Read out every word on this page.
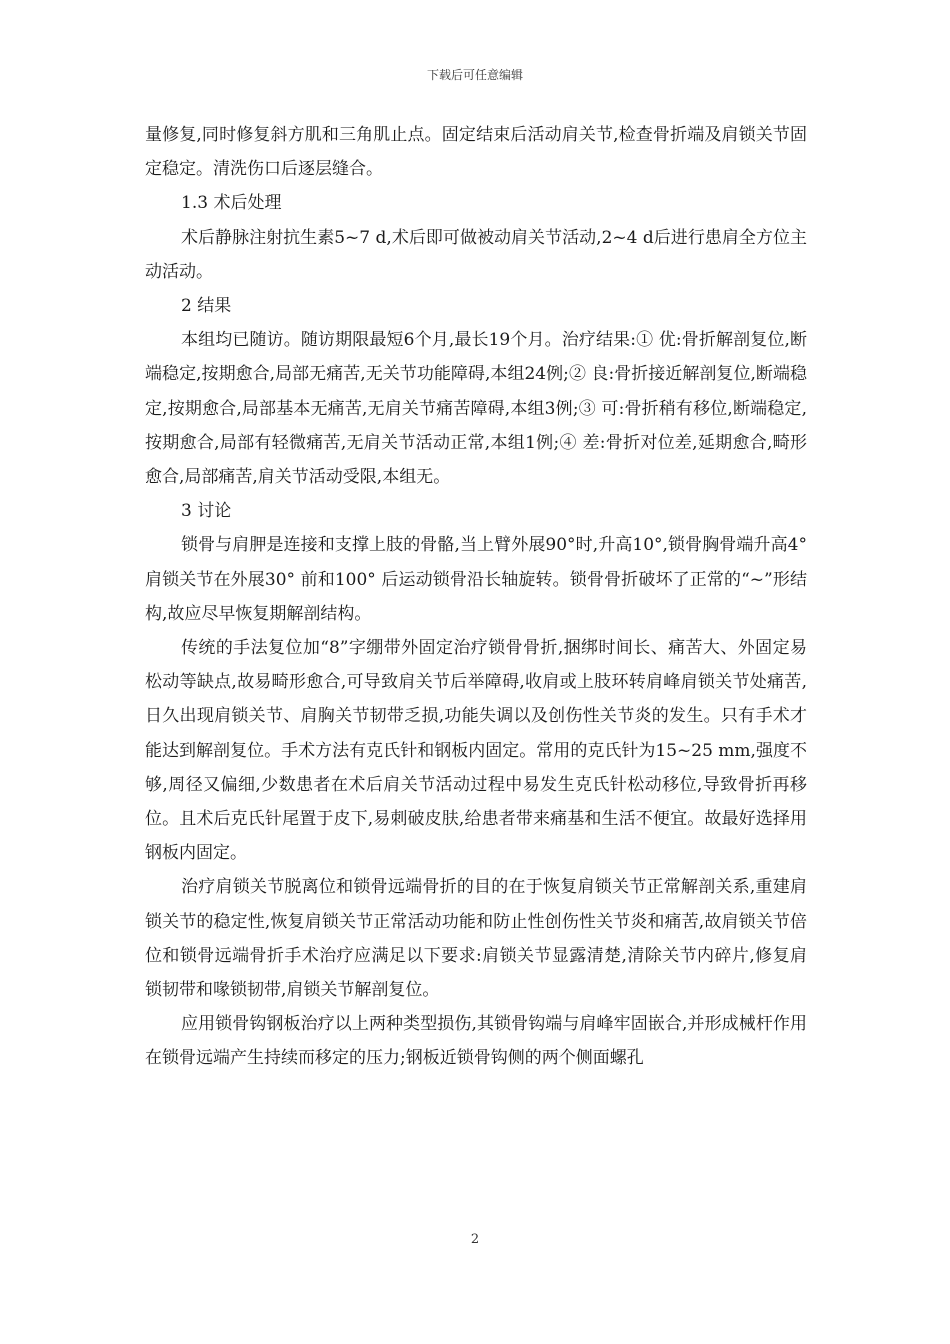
下载后可任意编辑

量修复,同时修复斜方肌和三角肌止点。固定结束后活动肩关节,检查骨折端及肩锁关节固定稳定。清洗伤口后逐层缝合。

1.3 术后处理

术后静脉注射抗生素5~7 d,术后即可做被动肩关节活动,2~4 d后进行患肩全方位主动活动。

2 结果

本组均已随访。随访期限最短6个月,最长19个月。治疗结果:① 优:骨折解剖复位,断端稳定,按期愈合,局部无痛苦,无关节功能障碍,本组24例;② 良:骨折接近解剖复位,断端稳定,按期愈合,局部基本无痛苦,无肩关节痛苦障碍,本组3例;③ 可:骨折稍有移位,断端稳定,按期愈合,局部有轻微痛苦,无肩关节活动正常,本组1例;④ 差:骨折对位差,延期愈合,畸形愈合,局部痛苦,肩关节活动受限,本组无。

3 讨论

锁骨与肩胛是连接和支撑上肢的骨骼,当上臂外展90°时,升高10°,锁骨胸骨端升高4° 肩锁关节在外展30° 前和100° 后运动锁骨沿长轴旋转。锁骨骨折破坏了正常的“~”形结构,故应尽早恢复期解剖结构。

传统的手法复位加“8”字绷带外固定治疗锁骨骨折,捆绑时间长、痛苦大、外固定易松动等缺点,故易畸形愈合,可导致肩关节后举障碍,收肩或上肢环转肩峰肩锁关节处痛苦,日久出现肩锁关节、肩胸关节韧带乏损,功能失调以及创伤性关节炎的发生。只有手术才能达到解剖复位。手术方法有克氏针和钢板内固定。常用的克氏针为15~25 mm,强度不够,周径又偏细,少数患者在术后肩关节活动过程中易发生克氏针松动移位,导致骨折再移位。且术后克氏针尾置于皮下,易刺破皮肤,给患者带来痛基和生活不便宜。故最好选择用钢板内固定。

治疗肩锁关节脱离位和锁骨远端骨折的目的在于恢复肩锁关节正常解剖关系,重建肩锁关节的稳定性,恢复肩锁关节正常活动功能和防止性创伤性关节炎和痛苦,故肩锁关节倍位和锁骨远端骨折手术治疗应满足以下要求:肩锁关节显露清楚,清除关节内碎片,修复肩锁韧带和喙锁韧带,肩锁关节解剖复位。

应用锁骨钩钢板治疗以上两种类型损伤,其锁骨钩端与肩峰牢固嵌合,并形成械杆作用在锁骨远端产生持续而移定的压力;钢板近锁骨钩侧的两个侧面螺孔

2
